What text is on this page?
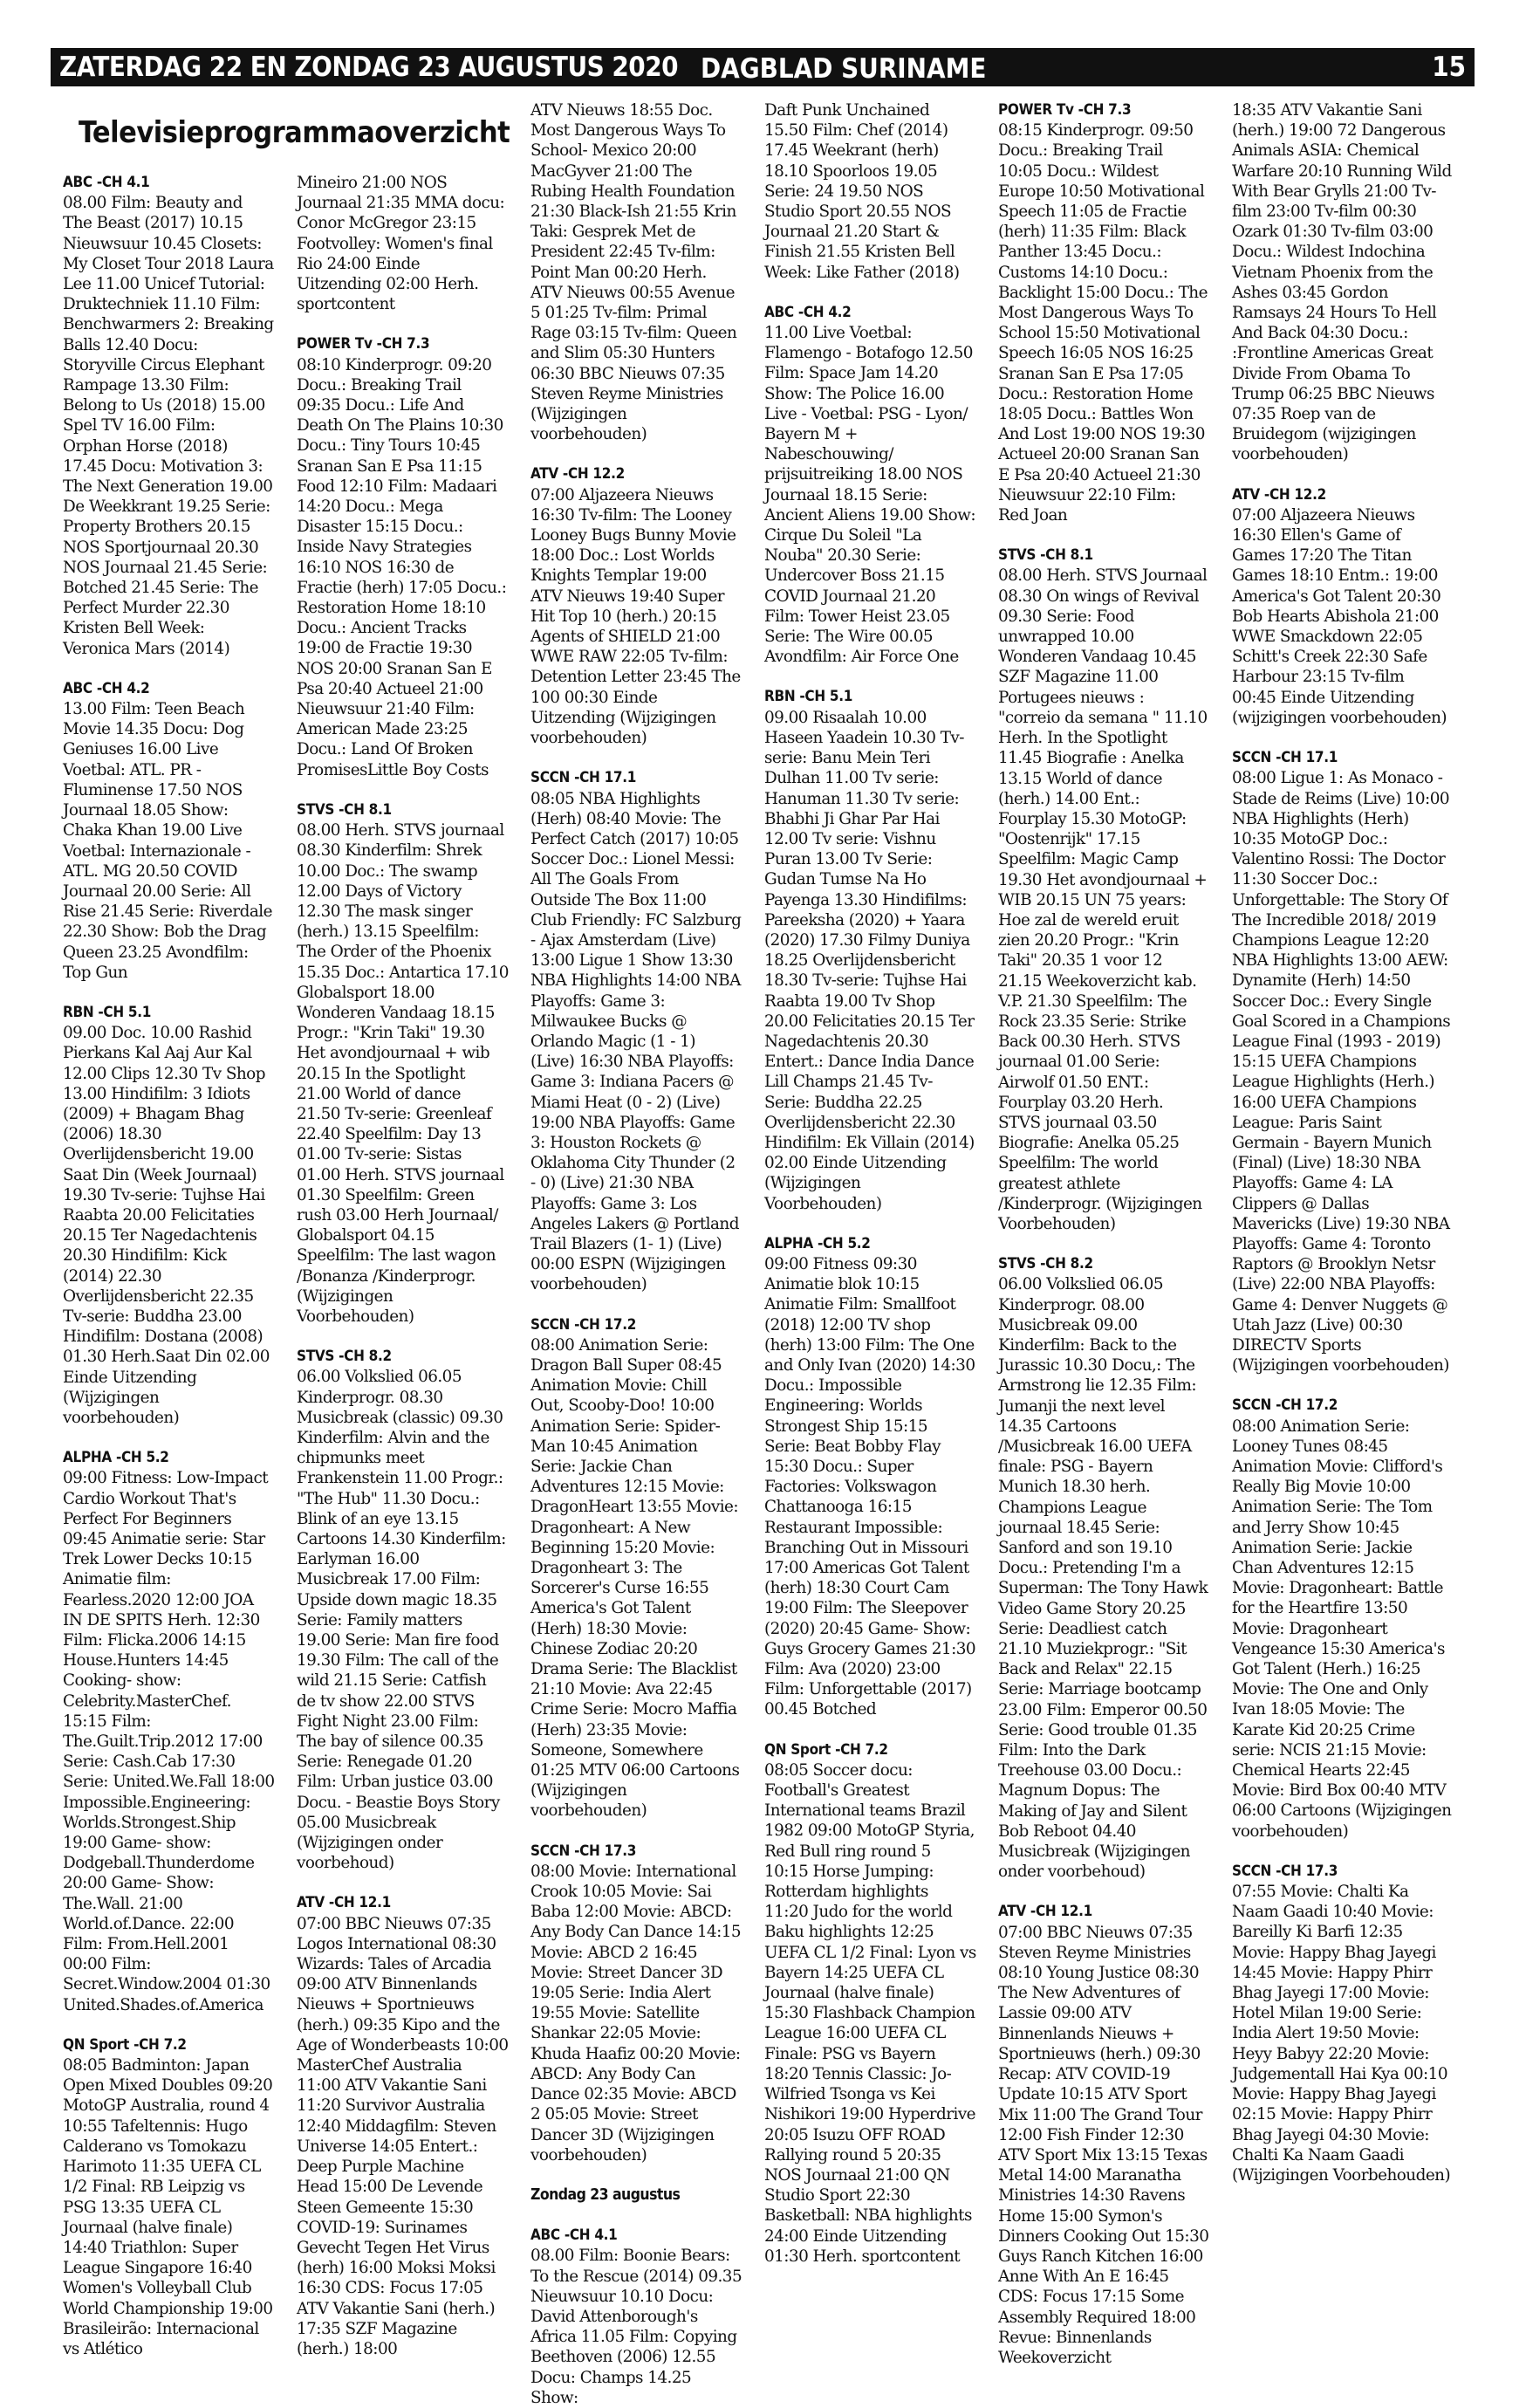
ZATERDAG 22 EN ZONDAG 23 AUGUSTUS 2020 DAGBLAD SURINAME	15
Televisieprogrammaoverzicht
ABC -CH 4.1
08.00 Film: Beauty and The Beast (2017) 10.15 Nieuwsuur 10.45 Closets: My Closet Tour 2018 Laura Lee 11.00 Unicef Tutorial: Druktechniek 11.10 Film: Benchwarmers 2: Breaking Balls 12.40 Docu: Storyville Circus Elephant Rampage 13.30 Film: Belong to Us (2018) 15.00 Spel TV 16.00 Film: Orphan Horse (2018) 17.45 Docu: Motivation 3: The Next Generation 19.00 De Weekkrant 19.25 Serie: Property Brothers 20.15 NOS Sportjournaal 20.30 NOS Journaal 21.45 Serie: Botched 21.45 Serie: The Perfect Murder 22.30 Kristen Bell Week: Veronica Mars (2014)
ABC -CH 4.2
13.00 Film: Teen Beach Movie 14.35 Docu: Dog Geniuses 16.00 Live Voetbal: ATL. PR - Fluminense 17.50 NOS Journaal 18.05 Show: Chaka Khan 19.00 Live Voetbal: Internazionale - ATL. MG 20.50 COVID Journaal 20.00 Serie: All Rise 21.45 Serie: Riverdale 22.30 Show: Bob the Drag Queen 23.25 Avondfilm: Top Gun
RBN -CH 5.1
09.00 Doc. 10.00 Rashid Pierkans Kal Aaj Aur Kal 12.00 Clips 12.30 Tv Shop 13.00 Hindifilm: 3 Idiots (2009) + Bhagam Bhag (2006) 18.30 Overlijdensbericht 19.00 Saat Din (Week Journaal) 19.30 Tv-serie: Tujhse Hai Raabta 20.00 Felicitaties 20.15 Ter Nagedachtenis 20.30 Hindifilm: Kick (2014) 22.30 Overlijdensbericht 22.35 Tv-serie: Buddha 23.00 Hindifilm: Dostana (2008) 01.30 Herh.Saat Din 02.00 Einde Uitzending (Wijzigingen voorbehouden)
ALPHA -CH 5.2
09:00 Fitness: Low-Impact Cardio Workout That's Perfect For Beginners 09:45 Animatie serie: Star Trek Lower Decks 10:15 Animatie film: Fearless.2020 12:00 JOA IN DE SPITS Herh. 12:30 Film: Flicka.2006 14:15 House.Hunters 14:45 Cooking- show: Celebrity.MasterChef. 15:15 Film: The.Guilt.Trip.2012 17:00 Serie: Cash.Cab 17:30 Serie: United.We.Fall 18:00 Impossible.Engineering: Worlds.Strongest.Ship 19:00 Game- show: Dodgeball.Thunderdome 20:00 Game- Show: The.Wall. 21:00 World.of.Dance. 22:00 Film: From.Hell.2001 00:00 Film: Secret.Window.2004 01:30 United.Shades.of.America
QN Sport -CH 7.2
08:05 Badminton: Japan Open Mixed Doubles 09:20 MotoGP Australia, round 4 10:55 Tafeltennis: Hugo Calderano vs Tomokazu Harimoto 11:35 UEFA CL 1/2 Final: RB Leipzig vs PSG 13:35 UEFA CL Journaal (halve finale) 14:40 Triathlon: Super League Singapore 16:40 Women's Volleyball Club World Championship 19:00 Brasileirão: Internacional vs Atlético
Mineiro 21:00 NOS Journaal 21:35 MMA docu: Conor McGregor 23:15 Footvolley: Women's final Rio 24:00 Einde Uitzending 02:00 Herh. sportcontent
POWER Tv -CH 7.3
08:10 Kinderprogr. 09:20 Docu.: Breaking Trail 09:35 Docu.: Life And Death On The Plains 10:30 Docu.: Tiny Tours 10:45 Sranan San E Psa 11:15 Food 12:10 Film: Madaari 14:20 Docu.: Mega Disaster 15:15 Docu.: Inside Navy Strategies 16:10 NOS 16:30 de Fractie (herh) 17:05 Docu.: Restoration Home 18:10 Docu.: Ancient Tracks 19:00 de Fractie 19:30 NOS 20:00 Sranan San E Psa 20:40 Actueel 21:00 Nieuwsuur 21:40 Film: American Made 23:25 Docu.: Land Of Broken PromisesLittle Boy Costs
STVS -CH 8.1
08.00 Herh. STVS journaal 08.30 Kinderfilm: Shrek 10.00 Doc.: The swamp 12.00 Days of Victory 12.30 The mask singer (herh.) 13.15 Speelfilm: The Order of the Phoenix 15.35 Doc.: Antartica 17.10 Globalsport 18.00 Wonderen Vandaag 18.15 Progr.: "Krin Taki" 19.30 Het avondjournaal + wib 20.15 In the Spotlight 21.00 World of dance 21.50 Tv-serie: Greenleaf 22.40 Speelfilm: Day 13 01.00 Tv-serie: Sistas 01.00 Herh. STVS journaal 01.30 Speelfilm: Green rush 03.00 Herh Journaal/ Globalsport 04.15 Speelfilm: The last wagon /Bonanza /Kinderprogr. (Wijzigingen Voorbehouden)
STVS -CH 8.2
06.00 Volkslied 06.05 Kinderprogr. 08.30 Musicbreak (classic) 09.30 Kinderfilm: Alvin and the chipmunks meet Frankenstein 11.00 Progr.: "The Hub" 11.30 Docu.: Blink of an eye 13.15 Cartoons 14.30 Kinderfilm: Earlyman 16.00 Musicbreak 17.00 Film: Upside down magic 18.35 Serie: Family matters 19.00 Serie: Man fire food 19.30 Film: The call of the wild 21.15 Serie: Catfish de tv show 22.00 STVS Fight Night 23.00 Film: The bay of silence 00.35 Serie: Renegade 01.20 Film: Urban justice 03.00 Docu. - Beastie Boys Story 05.00 Musicbreak (Wijzigingen onder voorbehoud)
ATV -CH 12.1
07:00 BBC Nieuws 07:35 Logos International 08:30 Wizards: Tales of Arcadia 09:00 ATV Binnenlands Nieuws + Sportnieuws (herh.) 09:35 Kipo and the Age of Wonderbeasts 10:00 MasterChef Australia 11:00 ATV Vakantie Sani 11:20 Survivor Australia 12:40 Middagfilm: Steven Universe 14:05 Entert.: Deep Purple Machine Head 15:00 De Levende Steen Gemeente 15:30 COVID-19: Surinames Gevecht Tegen Het Virus (herh) 16:00 Moksi Moksi 16:30 CDS: Focus 17:05 ATV Vakantie Sani (herh.) 17:35 SZF Magazine (herh.) 18:00
ATV Nieuws 18:55 Doc. Most Dangerous Ways To School- Mexico 20:00 MacGyver 21:00 The Rubing Health Foundation 21:30 Black-Ish 21:55 Krin Taki: Gesprek Met de President 22:45 Tv-film: Point Man 00:20 Herh. ATV Nieuws 00:55 Avenue 5 01:25 Tv-film: Primal Rage 03:15 Tv-film: Queen and Slim 05:30 Hunters 06:30 BBC Nieuws 07:35 Steven Reyme Ministries (Wijzigingen voorbehouden)
ATV -CH 12.2
07:00 Aljazeera Nieuws 16:30 Tv-film: The Looney Looney Bugs Bunny Movie 18:00 Doc.: Lost Worlds Knights Templar 19:00 ATV Nieuws 19:40 Super Hit Top 10 (herh.) 20:15 Agents of SHIELD 21:00 WWE RAW 22:05 Tv-film: Detention Letter 23:45 The 100 00:30 Einde Uitzending (Wijzigingen voorbehouden)
SCCN -CH 17.1
08:05 NBA Highlights (Herh) 08:40 Movie: The Perfect Catch (2017) 10:05 Soccer Doc.: Lionel Messi: All The Goals From Outside The Box 11:00 Club Friendly: FC Salzburg - Ajax Amsterdam (Live) 13:00 Ligue 1 Show 13:30 NBA Highlights 14:00 NBA Playoffs: Game 3: Milwaukee Bucks @ Orlando Magic (1 - 1) (Live) 16:30 NBA Playoffs: Game 3: Indiana Pacers @ Miami Heat (0 - 2) (Live) 19:00 NBA Playoffs: Game 3: Houston Rockets @ Oklahoma City Thunder (2 - 0) (Live) 21:30 NBA Playoffs: Game 3: Los Angeles Lakers @ Portland Trail Blazers (1- 1) (Live) 00:00 ESPN (Wijzigingen voorbehouden)
SCCN -CH 17.2
08:00 Animation Serie: Dragon Ball Super 08:45 Animation Movie: Chill Out, Scooby-Doo! 10:00 Animation Serie: Spider-Man 10:45 Animation Serie: Jackie Chan Adventures 12:15 Movie: DragonHeart 13:55 Movie: Dragonheart: A New Beginning 15:20 Movie: Dragonheart 3: The Sorcerer's Curse 16:55 America's Got Talent (Herh) 18:30 Movie: Chinese Zodiac 20:20 Drama Serie: The Blacklist 21:10 Movie: Ava 22:45 Crime Serie: Mocro Maffia (Herh) 23:35 Movie: Someone, Somewhere 01:25 MTV 06:00 Cartoons (Wijzigingen voorbehouden)
SCCN -CH 17.3
08:00 Movie: International Crook 10:05 Movie: Sai Baba 12:00 Movie: ABCD: Any Body Can Dance 14:15 Movie: ABCD 2 16:45 Movie: Street Dancer 3D 19:05 Serie: India Alert 19:55 Movie: Satellite Shankar 22:05 Movie: Khuda Haafiz 00:20 Movie: ABCD: Any Body Can Dance 02:35 Movie: ABCD 2 05:05 Movie: Street Dancer 3D (Wijzigingen voorbehouden)
Zondag 23 augustus
ABC -CH 4.1
08.00 Film: Boonie Bears: To the Rescue (2014) 09.35 Nieuwsuur 10.10 Docu: David Attenborough's Africa 11.05 Film: Copying Beethoven (2006) 12.55 Docu: Champs 14.25 Show:
Daft Punk Unchained 15.50 Film: Chef (2014) 17.45 Weekrant (herh) 18.10 Spoorloos 19.05 Serie: 24 19.50 NOS Studio Sport 20.55 NOS Journaal 21.20 Start & Finish 21.55 Kristen Bell Week: Like Father (2018)
ABC -CH 4.2
11.00 Live Voetbal: Flamengo - Botafogo 12.50 Film: Space Jam 14.20 Show: The Police 16.00 Live - Voetbal: PSG - Lyon/ Bayern M + Nabeschouwing/ prijsuitreiking 18.00 NOS Journaal 18.15 Serie: Ancient Aliens 19.00 Show: Cirque Du Soleil "La Nouba" 20.30 Serie: Undercover Boss 21.15 COVID Journaal 21.20 Film: Tower Heist 23.05 Serie: The Wire 00.05 Avondfilm: Air Force One
RBN -CH 5.1
09.00 Risaalah 10.00 Haseen Yaadein 10.30 Tv- serie: Banu Mein Teri Dulhan 11.00 Tv serie: Hanuman 11.30 Tv serie: Bhabhi Ji Ghar Par Hai 12.00 Tv serie: Vishnu Puran 13.00 Tv Serie: Gudan Tumse Na Ho Payenga 13.30 Hindifilms: Pareeksha (2020) + Yaara (2020) 17.30 Filmy Duniya 18.25 Overlijdensbericht 18.30 Tv-serie: Tujhse Hai Raabta 19.00 Tv Shop 20.00 Felicitaties 20.15 Ter Nagedachtenis 20.30 Entert.: Dance India Dance Lill Champs 21.45 Tv-Serie: Buddha 22.25 Overlijdensbericht 22.30 Hindifilm: Ek Villain (2014) 02.00 Einde Uitzending (Wijzigingen Voorbehouden)
ALPHA -CH 5.2
09:00 Fitness 09:30 Animatie blok 10:15 Animatie Film: Smallfoot (2018) 12:00 TV shop (herh) 13:00 Film: The One and Only Ivan (2020) 14:30 Docu.: Impossible Engineering: Worlds Strongest Ship 15:15 Serie: Beat Bobby Flay 15:30 Docu.: Super Factories: Volkswagon Chattanooga 16:15 Restaurant Impossible: Branching Out in Missouri 17:00 Americas Got Talent (herh) 18:30 Court Cam 19:00 Film: The Sleepover (2020) 20:45 Game- Show: Guys Grocery Games 21:30 Film: Ava (2020) 23:00 Film: Unforgettable (2017) 00.45 Botched
QN Sport -CH 7.2
08:05 Soccer docu: Football's Greatest International teams Brazil 1982 09:00 MotoGP Styria, Red Bull ring round 5 10:15 Horse Jumping: Rotterdam highlights 11:20 Judo for the world Baku highlights 12:25 UEFA CL 1/2 Final: Lyon vs Bayern 14:25 UEFA CL Journaal (halve finale) 15:30 Flashback Champion League 16:00 UEFA CL Finale: PSG vs Bayern 18:20 Tennis Classic: Jo-Wilfried Tsonga vs Kei Nishikori 19:00 Hyperdrive 20:05 Isuzu OFF ROAD Rallying round 5 20:35 NOS Journaal 21:00 QN Studio Sport 22:30 Basketball: NBA highlights 24:00 Einde Uitzending 01:30 Herh. sportcontent
POWER Tv -CH 7.3
08:15 Kinderprogr. 09:50 Docu.: Breaking Trail 10:05 Docu.: Wildest Europe 10:50 Motivational Speech 11:05 de Fractie (herh) 11:35 Film: Black Panther 13:45 Docu.: Customs 14:10 Docu.: Backlight 15:00 Docu.: The Most Dangerous Ways To School 15:50 Motivational Speech 16:05 NOS 16:25 Sranan San E Psa 17:05 Docu.: Restoration Home 18:05 Docu.: Battles Won And Lost 19:00 NOS 19:30 Actueel 20:00 Sranan San E Psa 20:40 Actueel 21:30 Nieuwsuur 22:10 Film: Red Joan
STVS -CH 8.1
08.00 Herh. STVS Journaal 08.30 On wings of Revival 09.30 Serie: Food unwrapped 10.00 Wonderen Vandaag 10.45 SZF Magazine 11.00 Portugees nieuws : "correio da semana " 11.10 Herh. In the Spotlight 11.45 Biografie : Anelka 13.15 World of dance (herh.) 14.00 Ent.: Fourplay 15.30 MotoGP: "Oostenrijk" 17.15 Speelfilm: Magic Camp 19.30 Het avondjournaal + WIB 20.15 UN 75 years: Hoe zal de wereld eruit zien 20.20 Progr.: "Krin Taki" 20.35 1 voor 12 21.15 Weekoverzicht kab. V.P. 21.30 Speelfilm: The Rock 23.35 Serie: Strike Back 00.30 Herh. STVS journaal 01.00 Serie: Airwolf 01.50 ENT.: Fourplay 03.20 Herh. STVS journaal 03.50 Biografie: Anelka 05.25 Speelfilm: The world greatest athlete /Kinderprogr. (Wijzigingen Voorbehouden)
STVS -CH 8.2
06.00 Volkslied 06.05 Kinderprogr. 08.00 Musicbreak 09.00 Kinderfilm: Back to the Jurassic 10.30 Docu,: The Armstrong lie 12.35 Film: Jumanji the next level 14.35 Cartoons /Musicbreak 16.00 UEFA finale: PSG - Bayern Munich 18.30 herh. Champions League journaal 18.45 Serie: Sanford and son 19.10 Docu.: Pretending I'm a Superman: The Tony Hawk Video Game Story 20.25 Serie: Deadliest catch 21.10 Muziekprogr.: "Sit Back and Relax" 22.15 Serie: Marriage bootcamp 23.00 Film: Emperor 00.50 Serie: Good trouble 01.35 Film: Into the Dark Treehouse 03.00 Docu.: Magnum Dopus: The Making of Jay and Silent Bob Reboot 04.40 Musicbreak (Wijzigingen onder voorbehoud)
ATV -CH 12.1
07:00 BBC Nieuws 07:35 Steven Reyme Ministries 08:10 Young Justice 08:30 The New Adventures of Lassie 09:00 ATV Binnenlands Nieuws + Sportnieuws (herh.) 09:30 Recap: ATV COVID-19 Update 10:15 ATV Sport Mix 11:00 The Grand Tour 12:00 Fish Finder 12:30 ATV Sport Mix 13:15 Texas Metal 14:00 Maranatha Ministries 14:30 Ravens Home 15:00 Symon's Dinners Cooking Out 15:30 Guys Ranch Kitchen 16:00 Anne With An E 16:45 CDS: Focus 17:15 Some Assembly Required 18:00 Revue: Binnenlands Weekoverzicht
18:35 ATV Vakantie Sani (herh.) 19:00 72 Dangerous Animals ASIA: Chemical Warfare 20:10 Running Wild With Bear Grylls 21:00 Tv- film 23:00 Tv-film 00:30 Ozark 01:30 Tv-film 03:00 Docu.: Wildest Indochina Vietnam Phoenix from the Ashes 03:45 Gordon Ramsays 24 Hours To Hell And Back 04:30 Docu.: :Frontline Americas Great Divide From Obama To Trump 06:25 BBC Nieuws 07:35 Roep van de Bruidegom (wijzigingen voorbehouden)
ATV -CH 12.2
07:00 Aljazeera Nieuws 16:30 Ellen's Game of Games 17:20 The Titan Games 18:10 Entm.: 19:00 America's Got Talent 20:30 Bob Hearts Abishola 21:00 WWE Smackdown 22:05 Schitt's Creek 22:30 Safe Harbour 23:15 Tv-film 00:45 Einde Uitzending (wijzigingen voorbehouden)
SCCN -CH 17.1
08:00 Ligue 1: As Monaco - Stade de Reims (Live) 10:00 NBA Highlights (Herh) 10:35 MotoGP Doc.: Valentino Rossi: The Doctor 11:30 Soccer Doc.: Unforgettable: The Story Of The Incredible 2018/ 2019 Champions League 12:20 NBA Highlights 13:00 AEW: Dynamite (Herh) 14:50 Soccer Doc.: Every Single Goal Scored in a Champions League Final (1993 - 2019) 15:15 UEFA Champions League Highlights (Herh.) 16:00 UEFA Champions League: Paris Saint Germain - Bayern Munich (Final) (Live) 18:30 NBA Playoffs: Game 4: LA Clippers @ Dallas Mavericks (Live) 19:30 NBA Playoffs: Game 4: Toronto Raptors @ Brooklyn Netsr (Live) 22:00 NBA Playoffs: Game 4: Denver Nuggets @ Utah Jazz (Live) 00:30 DIRECTV Sports (Wijzigingen voorbehouden)
SCCN -CH 17.2
08:00 Animation Serie: Looney Tunes 08:45 Animation Movie: Clifford's Really Big Movie 10:00 Animation Serie: The Tom and Jerry Show 10:45 Animation Serie: Jackie Chan Adventures 12:15 Movie: Dragonheart: Battle for the Heartfire 13:50 Movie: Dragonheart Vengeance 15:30 America's Got Talent (Herh.) 16:25 Movie: The One and Only Ivan 18:05 Movie: The Karate Kid 20:25 Crime serie: NCIS 21:15 Movie: Chemical Hearts 22:45 Movie: Bird Box 00:40 MTV 06:00 Cartoons (Wijzigingen voorbehouden)
SCCN -CH 17.3
07:55 Movie: Chalti Ka Naam Gaadi 10:40 Movie: Bareilly Ki Barfi 12:35 Movie: Happy Bhag Jayegi 14:45 Movie: Happy Phirr Bhag Jayegi 17:00 Movie: Hotel Milan 19:00 Serie: India Alert 19:50 Movie: Heyy Babyy 22:20 Movie: Judgementall Hai Kya 00:10 Movie: Happy Bhag Jayegi 02:15 Movie: Happy Phirr Bhag Jayegi 04:30 Movie: Chalti Ka Naam Gaadi (Wijzigingen Voorbehouden)
